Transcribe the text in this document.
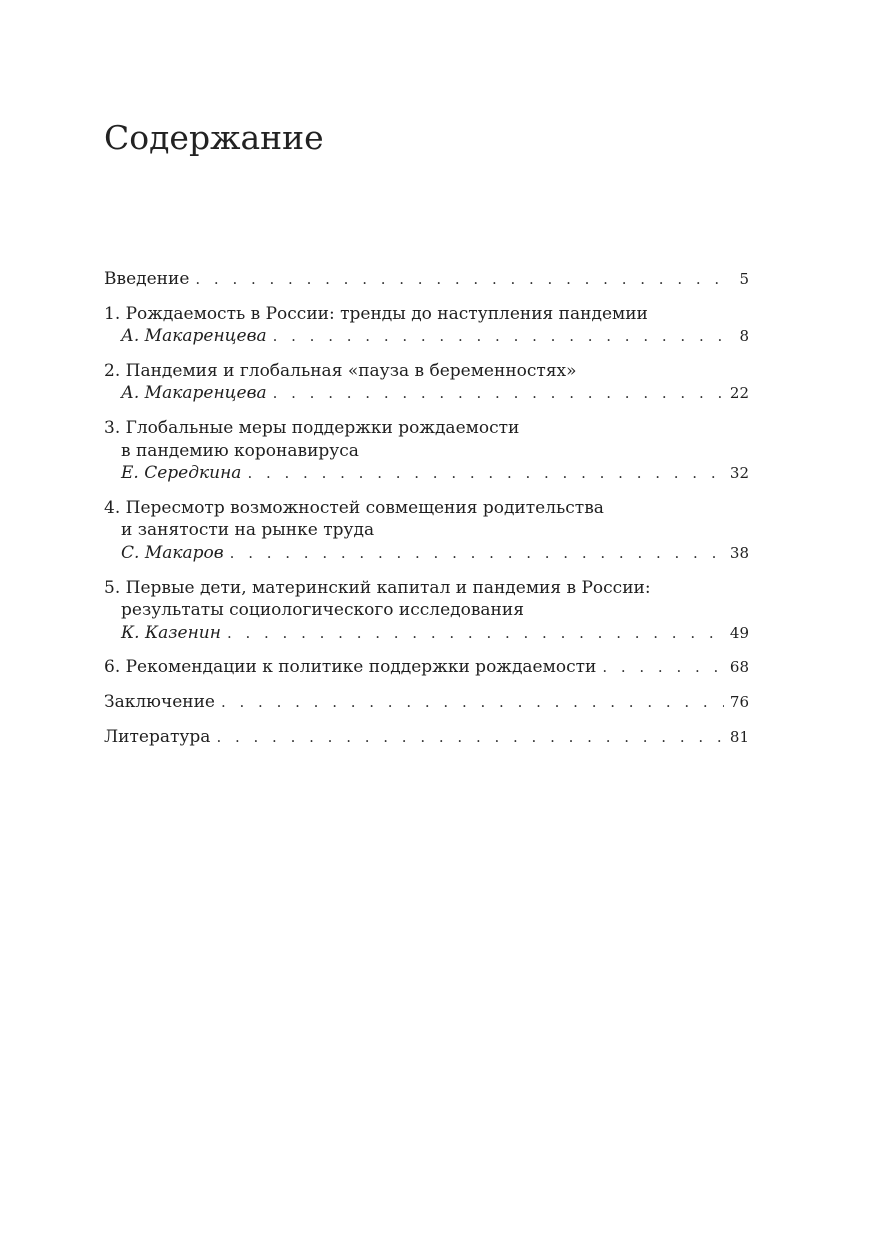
Содержание
Введение . . .	5
1. Рождаемость в России: тренды до наступления пандемии
А. Макаренцева . . .	8
2. Пандемия и глобальная «пауза в беременностях»
А. Макаренцева . . .	22
3. Глобальные меры поддержки рождаемости
в пандемию коронавируса
Е. Середкина . . .	32
4. Пересмотр возможностей совмещения родительства
и занятости на рынке труда
С. Макаров . . .	38
5. Первые дети, материнский капитал и пандемия в России:
результаты социологического исследования
К. Казенин . . .	49
6. Рекомендации к политике поддержки рождаемости . . .	68
Заключение . . .	76
Литература . . .	81
